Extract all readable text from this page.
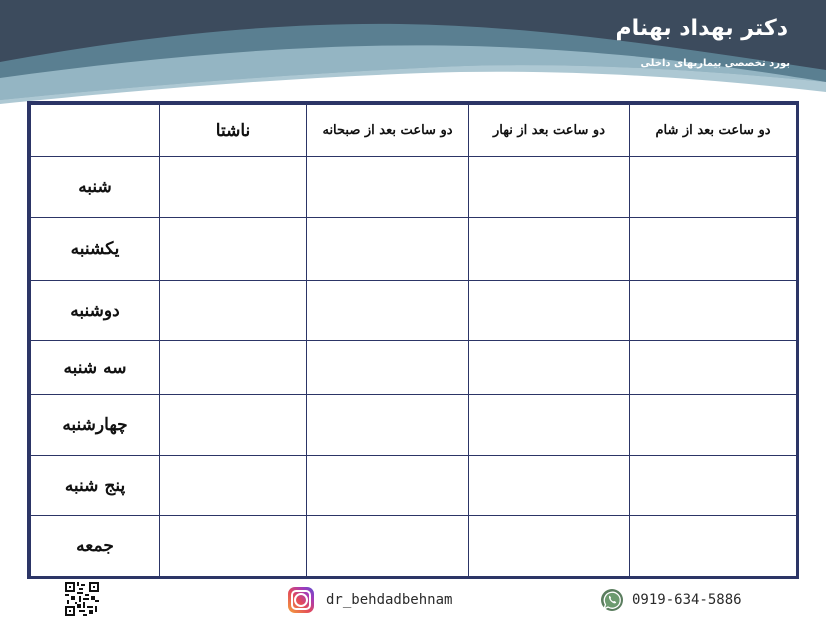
دکتر بهداد بهنام
بورد تخصصی بیماریهای داخلی
	ناشتا	دو ساعت بعد از صبحانه	دو ساعت بعد از نهار	دو ساعت بعد از شام
شنبه				
یکشنبه				
دوشنبه				
سه شنبه				
چهارشنبه				
پنج شنبه				
جمعه				
dr_behdadbehnam	0919-634-5886
